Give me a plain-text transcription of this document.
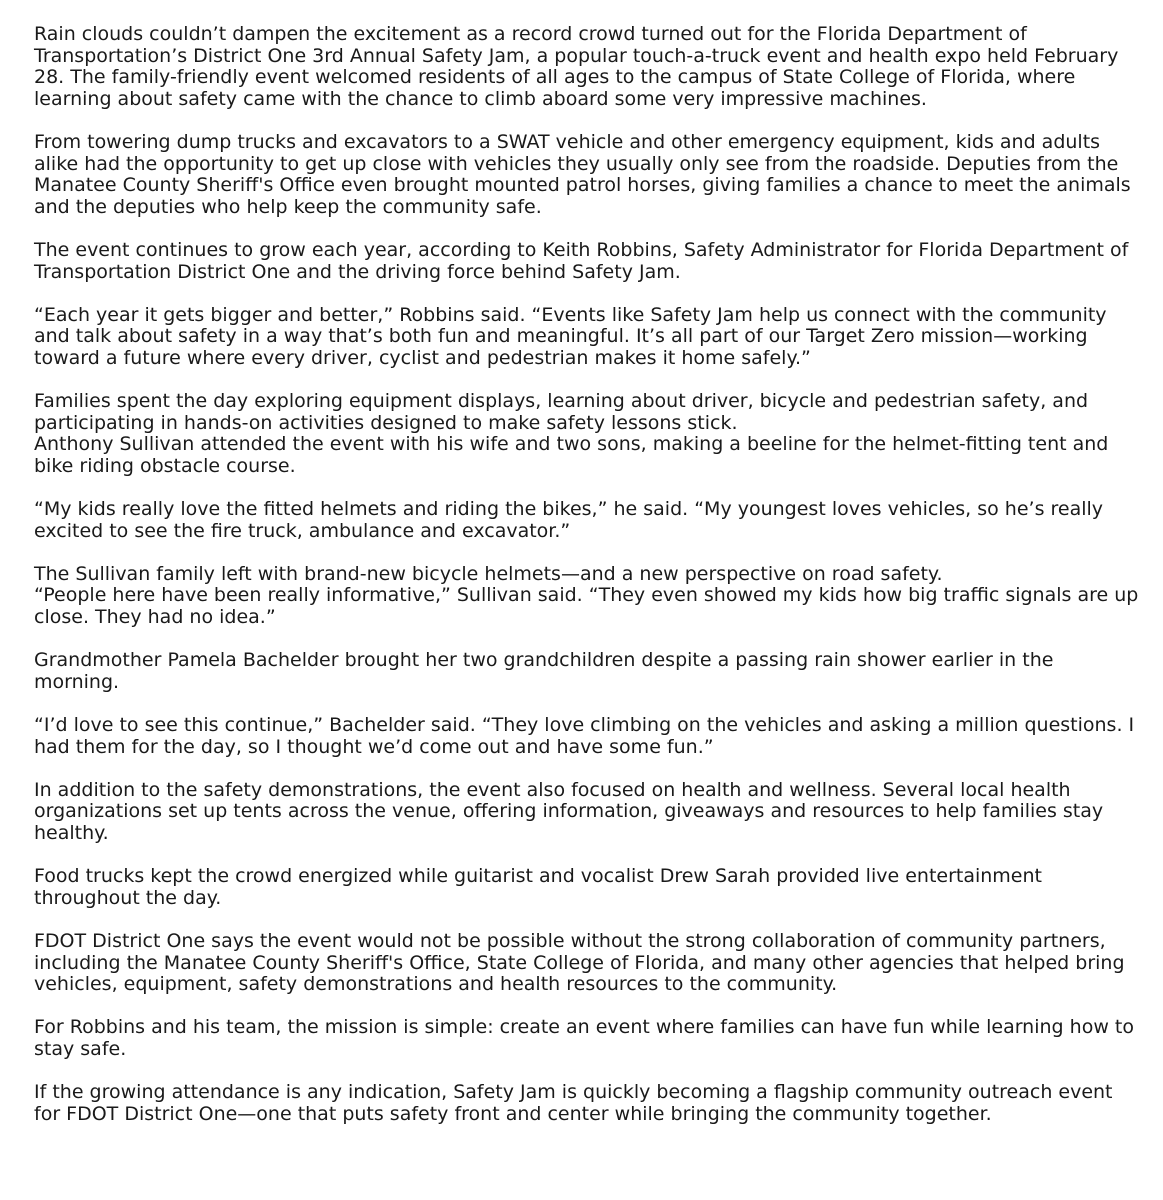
Rain clouds couldn’t dampen the excitement as a record crowd turned out for the Florida Department of Transportation’s District One 3rd Annual Safety Jam, a popular touch-a-truck event and health expo held February 28. The family-friendly event welcomed residents of all ages to the campus of State College of Florida, where learning about safety came with the chance to climb aboard some very impressive machines.

From towering dump trucks and excavators to a SWAT vehicle and other emergency equipment, kids and adults alike had the opportunity to get up close with vehicles they usually only see from the roadside. Deputies from the Manatee County Sheriff's Office even brought mounted patrol horses, giving families a chance to meet the animals and the deputies who help keep the community safe.

The event continues to grow each year, according to Keith Robbins, Safety Administrator for Florida Department of Transportation District One and the driving force behind Safety Jam.

“Each year it gets bigger and better,” Robbins said. “Events like Safety Jam help us connect with the community and talk about safety in a way that’s both fun and meaningful. It’s all part of our Target Zero mission—working toward a future where every driver, cyclist and pedestrian makes it home safely.”

Families spent the day exploring equipment displays, learning about driver, bicycle and pedestrian safety, and participating in hands-on activities designed to make safety lessons stick.
Anthony Sullivan attended the event with his wife and two sons, making a beeline for the helmet-fitting tent and bike riding obstacle course.

“My kids really love the fitted helmets and riding the bikes,” he said. “My youngest loves vehicles, so he’s really excited to see the fire truck, ambulance and excavator.”

The Sullivan family left with brand-new bicycle helmets—and a new perspective on road safety.
“People here have been really informative,” Sullivan said. “They even showed my kids how big traffic signals are up close. They had no idea.”

Grandmother Pamela Bachelder brought her two grandchildren despite a passing rain shower earlier in the morning.

“I’d love to see this continue,” Bachelder said. “They love climbing on the vehicles and asking a million questions. I had them for the day, so I thought we’d come out and have some fun.”

In addition to the safety demonstrations, the event also focused on health and wellness. Several local health organizations set up tents across the venue, offering information, giveaways and resources to help families stay healthy.

Food trucks kept the crowd energized while guitarist and vocalist Drew Sarah provided live entertainment throughout the day.

FDOT District One says the event would not be possible without the strong collaboration of community partners, including the Manatee County Sheriff's Office, State College of Florida, and many other agencies that helped bring vehicles, equipment, safety demonstrations and health resources to the community.

For Robbins and his team, the mission is simple: create an event where families can have fun while learning how to stay safe.

If the growing attendance is any indication, Safety Jam is quickly becoming a flagship community outreach event for FDOT District One—one that puts safety front and center while bringing the community together.
